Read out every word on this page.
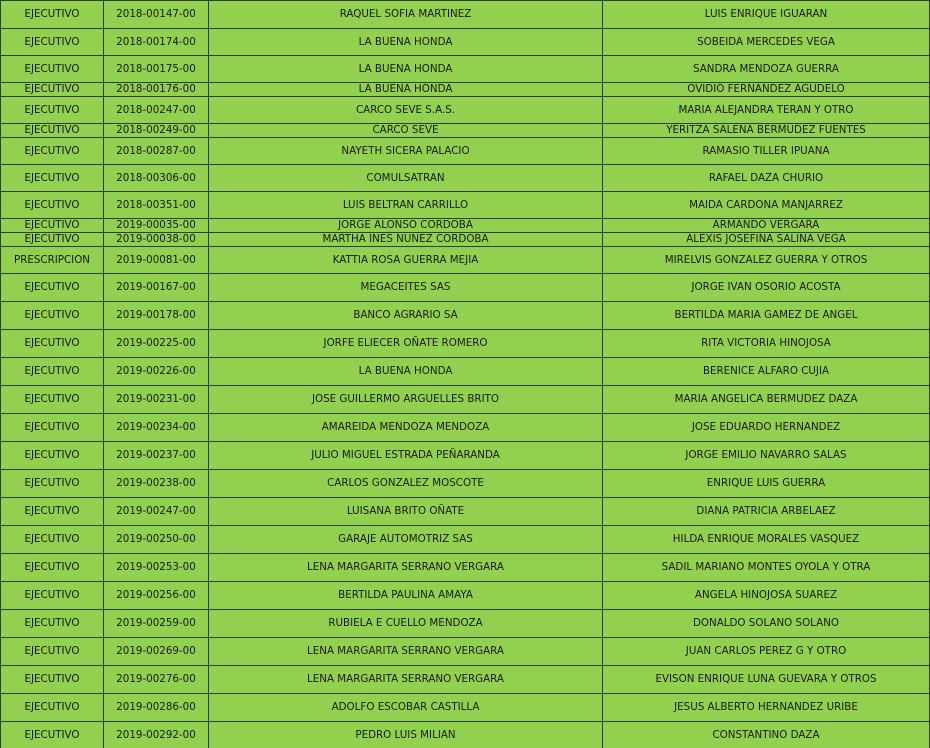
EJECUTIVO	2018-00147-00	RAQUEL SOFIA MARTINEZ	LUIS ENRIQUE IGUARAN	
EJECUTIVO	2018-00174-00	LA BUENA HONDA	SOBEIDA MERCEDES VEGA	
EJECUTIVO	2018-00175-00	LA BUENA HONDA	SANDRA MENDOZA GUERRA	
EJECUTIVO	2018-00176-00	LA BUENA HONDA	OVIDIO FERNANDEZ AGUDELO	
EJECUTIVO	2018-00247-00	CARCO SEVE S.A.S.	MARIA ALEJANDRA TERAN Y OTRO	
EJECUTIVO	2018-00249-00	CARCO SEVE	YERITZA SALENA BERMUDEZ FUENTES	
EJECUTIVO	2018-00287-00	NAYETH SICERA PALACIO	RAMASIO TILLER IPUANA	
EJECUTIVO	2018-00306-00	COMULSATRAN	RAFAEL DAZA CHURIO	
EJECUTIVO	2018-00351-00	LUIS BELTRAN CARRILLO	MAIDA CARDONA MANJARREZ	
EJECUTIVO	2019-00035-00	JORGE ALONSO CORDOBA	ARMANDO VERGARA	
EJECUTIVO	2019-00038-00	MARTHA INES NUÑEZ CORDOBA	ALEXIS JOSEFINA SALINA VEGA	
PRESCRIPCION	2019-00081-00	KATTIA ROSA GUERRA MEJIA	MIRELVIS GONZALEZ GUERRA Y OTROS	
EJECUTIVO	2019-00167-00	MEGACEITES SAS	JORGE IVAN OSORIO ACOSTA	
EJECUTIVO	2019-00178-00	BANCO AGRARIO SA	BERTILDA MARIA GAMEZ DE ANGEL	
EJECUTIVO	2019-00225-00	JORFE ELIECER OÑATE ROMERO	RITA VICTORIA HINOJOSA	
EJECUTIVO	2019-00226-00	LA BUENA HONDA	BERENICE ALFARO CUJIA	
EJECUTIVO	2019-00231-00	JOSE GUILLERMO ARGUELLES BRITO	MARIA ANGELICA BERMUDEZ DAZA	
EJECUTIVO	2019-00234-00	AMAREIDA MENDOZA MENDOZA	JOSE EDUARDO HERNANDEZ	
EJECUTIVO	2019-00237-00	JULIO MIGUEL ESTRADA PEÑARANDA	JORGE EMILIO NAVARRO SALAS	
EJECUTIVO	2019-00238-00	CARLOS GONZALEZ MOSCOTE	ENRIQUE LUIS GUERRA	
EJECUTIVO	2019-00247-00	LUISANA BRITO OÑATE	DIANA PATRICIA ARBELAEZ	
EJECUTIVO	2019-00250-00	GARAJE AUTOMOTRIZ SAS	HILDA ENRIQUE MORALES VASQUEZ	
EJECUTIVO	2019-00253-00	LENA MARGARITA SERRANO VERGARA	SADIL MARIANO MONTES OYOLA Y OTRA	
EJECUTIVO	2019-00256-00	BERTILDA PAULINA AMAYA	ANGELA HINOJOSA SUAREZ	
EJECUTIVO	2019-00259-00	RUBIELA E CUELLO MENDOZA	DONALDO SOLANO SOLANO	
EJECUTIVO	2019-00269-00	LENA MARGARITA SERRANO VERGARA	JUAN CARLOS PEREZ G Y OTRO	
EJECUTIVO	2019-00276-00	LENA MARGARITA SERRANO VERGARA	EVISON ENRIQUE LUNA GUEVARA Y OTROS	
EJECUTIVO	2019-00286-00	ADOLFO ESCOBAR CASTILLA	JESUS ALBERTO HERNANDEZ URIBE	
EJECUTIVO	2019-00292-00	PEDRO LUIS MILIAN	CONSTANTINO DAZA	
